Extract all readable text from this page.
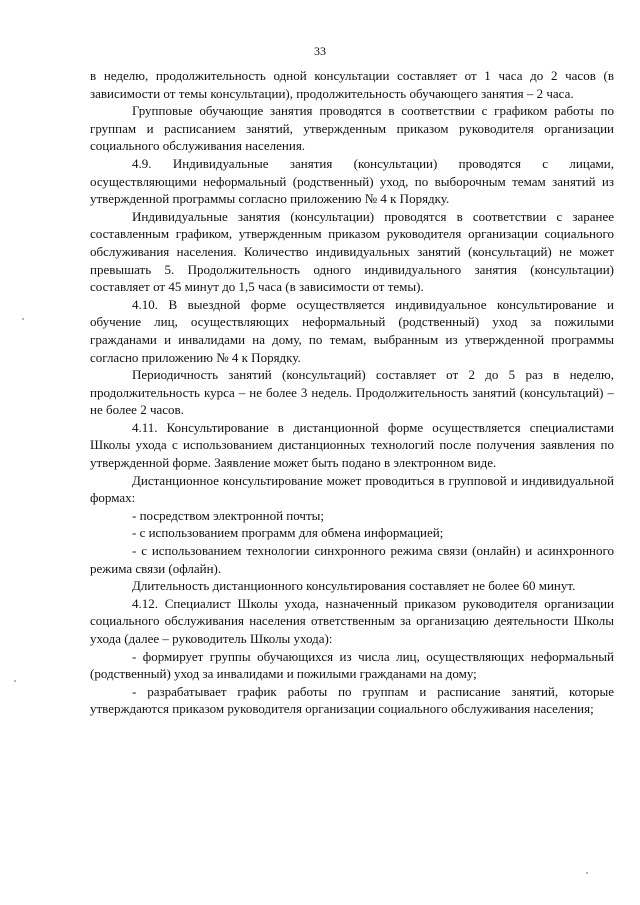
33

в неделю, продолжительность одной консультации составляет от 1 часа до 2 часов (в зависимости от темы консультации), продолжительность обучающего занятия – 2 часа.

Групповые обучающие занятия проводятся в соответствии с графиком работы по группам и расписанием занятий, утвержденным приказом руководителя организации социального обслуживания населения.

4.9. Индивидуальные занятия (консультации) проводятся с лицами, осуществляющими неформальный (родственный) уход, по выборочным темам занятий из утвержденной программы согласно приложению № 4 к Порядку.

Индивидуальные занятия (консультации) проводятся в соответствии с заранее составленным графиком, утвержденным приказом руководителя организации социального обслуживания населения. Количество индивидуальных занятий (консультаций) не может превышать 5. Продолжительность одного индивидуального занятия (консультации) составляет от 45 минут до 1,5 часа (в зависимости от темы).

4.10. В выездной форме осуществляется индивидуальное консультирование и обучение лиц, осуществляющих неформальный (родственный) уход за пожилыми гражданами и инвалидами на дому, по темам, выбранным из утвержденной программы согласно приложению № 4 к Порядку.

Периодичность занятий (консультаций) составляет от 2 до 5 раз в неделю, продолжительность курса – не более 3 недель. Продолжительность занятий (консультаций) – не более 2 часов.

4.11. Консультирование в дистанционной форме осуществляется специалистами Школы ухода с использованием дистанционных технологий после получения заявления по утвержденной форме. Заявление может быть подано в электронном виде.

Дистанционное консультирование может проводиться в групповой и индивидуальной формах:

- посредством электронной почты;

- с использованием программ для обмена информацией;

- с использованием технологии синхронного режима связи (онлайн) и асинхронного режима связи (офлайн).

Длительность дистанционного консультирования составляет не более 60 минут.

4.12. Специалист Школы ухода, назначенный приказом руководителя организации социального обслуживания населения ответственным за организацию деятельности Школы ухода (далее – руководитель Школы ухода):

- формирует группы обучающихся из числа лиц, осуществляющих неформальный (родственный) уход за инвалидами и пожилыми гражданами на дому;

- разрабатывает график работы по группам и расписание занятий, которые утверждаются приказом руководителя организации социального обслуживания населения;
